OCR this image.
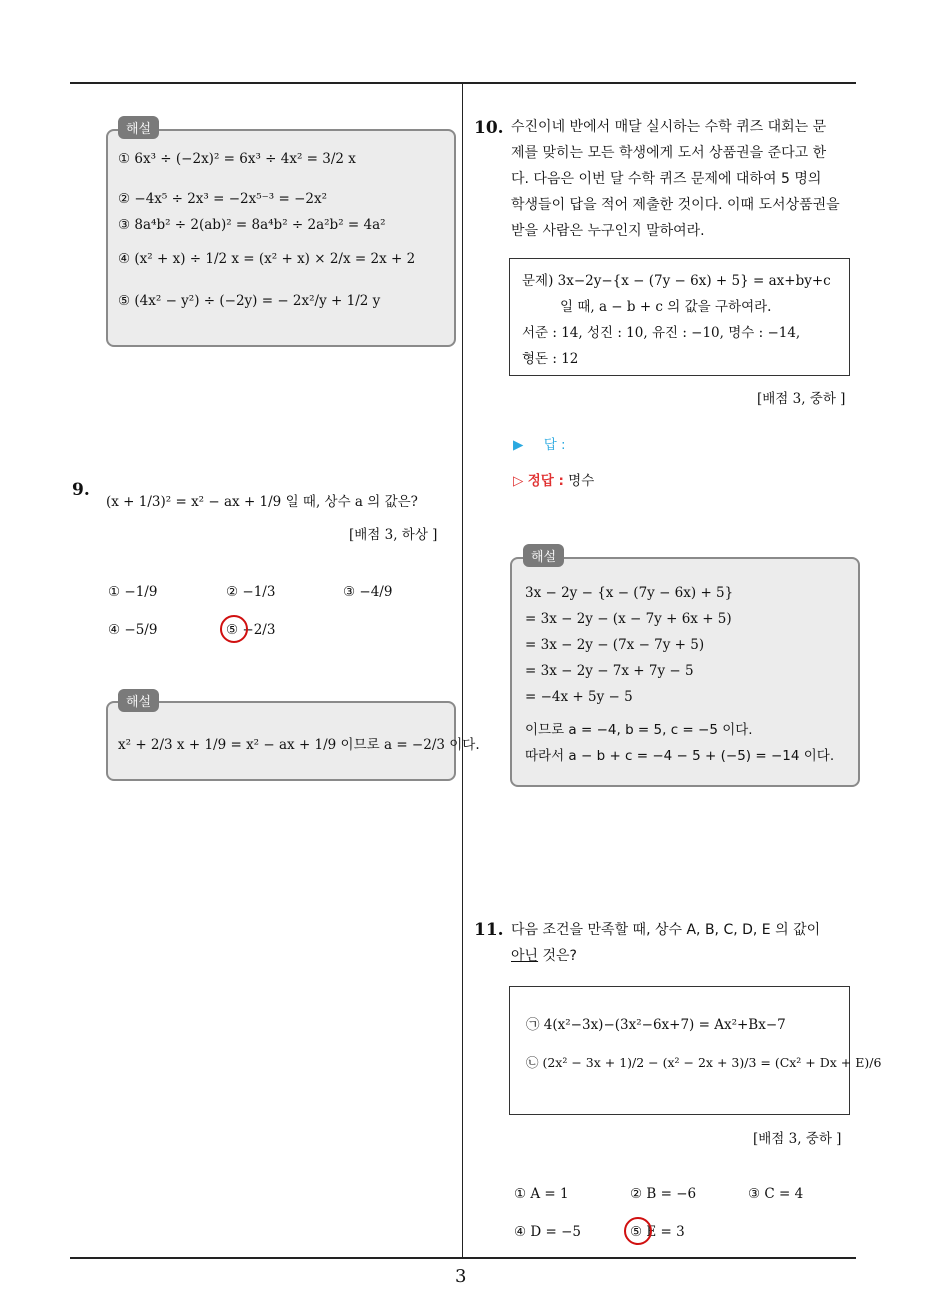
3
① 6x³ ÷ (−2x)² = 6x³ ÷ 4x² = 3/2 x
② −4x⁵ ÷ 2x³ = −2x⁵⁻³ = −2x²
③ 8a⁴b² ÷ 2(ab)² = 8a⁴b² ÷ 2a²b² = 4a²
④ (x² + x) ÷ 1/2 x = (x² + x) × 2/x = 2x + 2
⑤ (4x² − y²) ÷ (−2y) = − 2x²/y + 1/2 y
해설
9.
(x + 1/3)² = x² − ax + 1/9 일 때, 상수 a 의 값은?
[배점 3, 하상 ]
① −1/9	② −1/3	③ −4/9
④ −5/9	⑤ −2/3
x² + 2/3 x + 1/9 = x² − ax + 1/9 이므로 a = −2/3 이다.
해설
10. 수진이네 반에서 매달 실시하는 수학 퀴즈 대회는 문
제를 맞히는 모든 학생에게 도서 상품권을 준다고 한
다. 다음은 이번 달 수학 퀴즈 문제에 대하여 5 명의
학생들이 답을 적어 제출한 것이다. 이때 도서상품권을
받을 사람은 누구인지 말하여라.
문제) 3x−2y−{x − (7y − 6x) + 5} = ax+by+c
일 때, a − b + c 의 값을 구하여라.
서준 : 14, 성진 : 10, 유진 : −10, 명수 : −14,
형돈 : 12
[배점 3, 중하 ]
▶ 답 :
▷ 정답 : 명수
3x − 2y − {x − (7y − 6x) + 5}
= 3x − 2y − (x − 7y + 6x + 5)
= 3x − 2y − (7x − 7y + 5)
= 3x − 2y − 7x + 7y − 5
= −4x + 5y − 5
이므로 a = −4, b = 5, c = −5 이다.
따라서 a − b + c = −4 − 5 + (−5) = −14 이다.
해설
11. 다음 조건을 만족할 때, 상수 A, B, C, D, E 의 값이
아닌 것은?
㉠ 4(x²−3x)−(3x²−6x+7) = Ax²+Bx−7
㉡ (2x² − 3x + 1)/2 − (x² − 2x + 3)/3 = (Cx² + Dx + E)/6
[배점 3, 중하 ]
① A = 1	② B = −6	③ C = 4
④ D = −5	⑤ E = 3
